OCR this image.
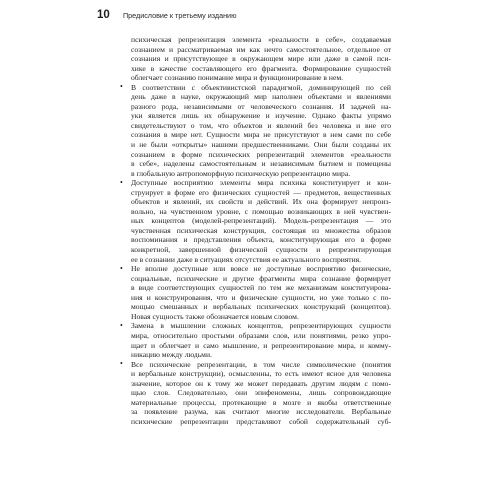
10	Предисловие к третьему изданию
психическая репрезентация элемента «реальности в себе», создаваемая
сознанием и рассматриваемая им как нечто самостоятельное, отдельное от
сознания и присутствующее в окружающем мире или даже в самой пси-
хике в качестве составляющего его фрагмента. Формирование сущностей
облегчает сознанию понимание мира и функционирование в нем.
•	В соответствии с объективистской парадигмой, доминирующей по сей
день даже в науке, окружающий мир наполнен объектами и явлениями
разного рода, независимыми от человеческого сознания. И задачей на-
уки является лишь их обнаружение и изучение. Однако факты упрямо
свидетельствуют о том, что объектов и явлений без человека и вне его
сознания в мире нет. Сущности мира не присутствуют в нем сами по себе
и не были «открыты» нашими предшественниками. Они были созданы их
сознанием в форме психических репрезентаций элементов «реальности
в себе», наделены самостоятельным и независимым бытием и помещены
в глобальную антропоморфную психическую репрезентацию мира.
•	Доступные восприятию элементы мира психика конституирует и кон-
струирует в форме его физических сущностей — предметов, вещественных
объектов и явлений, их свойств и действий. Их она формирует непроиз-
вольно, на чувственном уровне, с помощью возникающих в ней чувствен-
ных концептов (моделей-репрезентаций). Модель-репрезентация — это
чувственная психическая конструкция, состоящая из множества образов
воспоминания и представления объекта, конституирующая его в форме
конкретной, завершенной физической сущности и репрезентирующая
ее в сознании даже в ситуациях отсутствия ее актуального восприятия.
•	Не вполне доступные или вовсе не доступные восприятию физические,
социальные, психические и другие фрагменты мира сознание формирует
в виде соответствующих сущностей по тем же механизмам конституирова-
ния и конструирования, что и физические сущности, но уже только с по-
мощью смешанных и вербальных психических конструкций (концептов).
Новая сущность также обозначается новым словом.
•	Замена в мышлении сложных концептов, репрезентирующих сущности
мира, относительно простыми образами слов, или понятиями, резко упро-
щает и облегчает и само мышление, и репрезентирование мира, и комму-
никацию между людьми.
•	Все психические репрезентации, в том числе символические (понятия
и вербальные конструкции), осмысленны, то есть имеют ясное для человека
значение, которое он к тому же может передавать другим людям с помо-
щью слов. Следовательно, они эпифеномены, лишь сопровождающие
материальные процессы, протекающие в мозге и якобы ответственные
за появление разума, как считают многие исследователи. Вербальные
психические репрезентации представляют собой содержательный суб-
